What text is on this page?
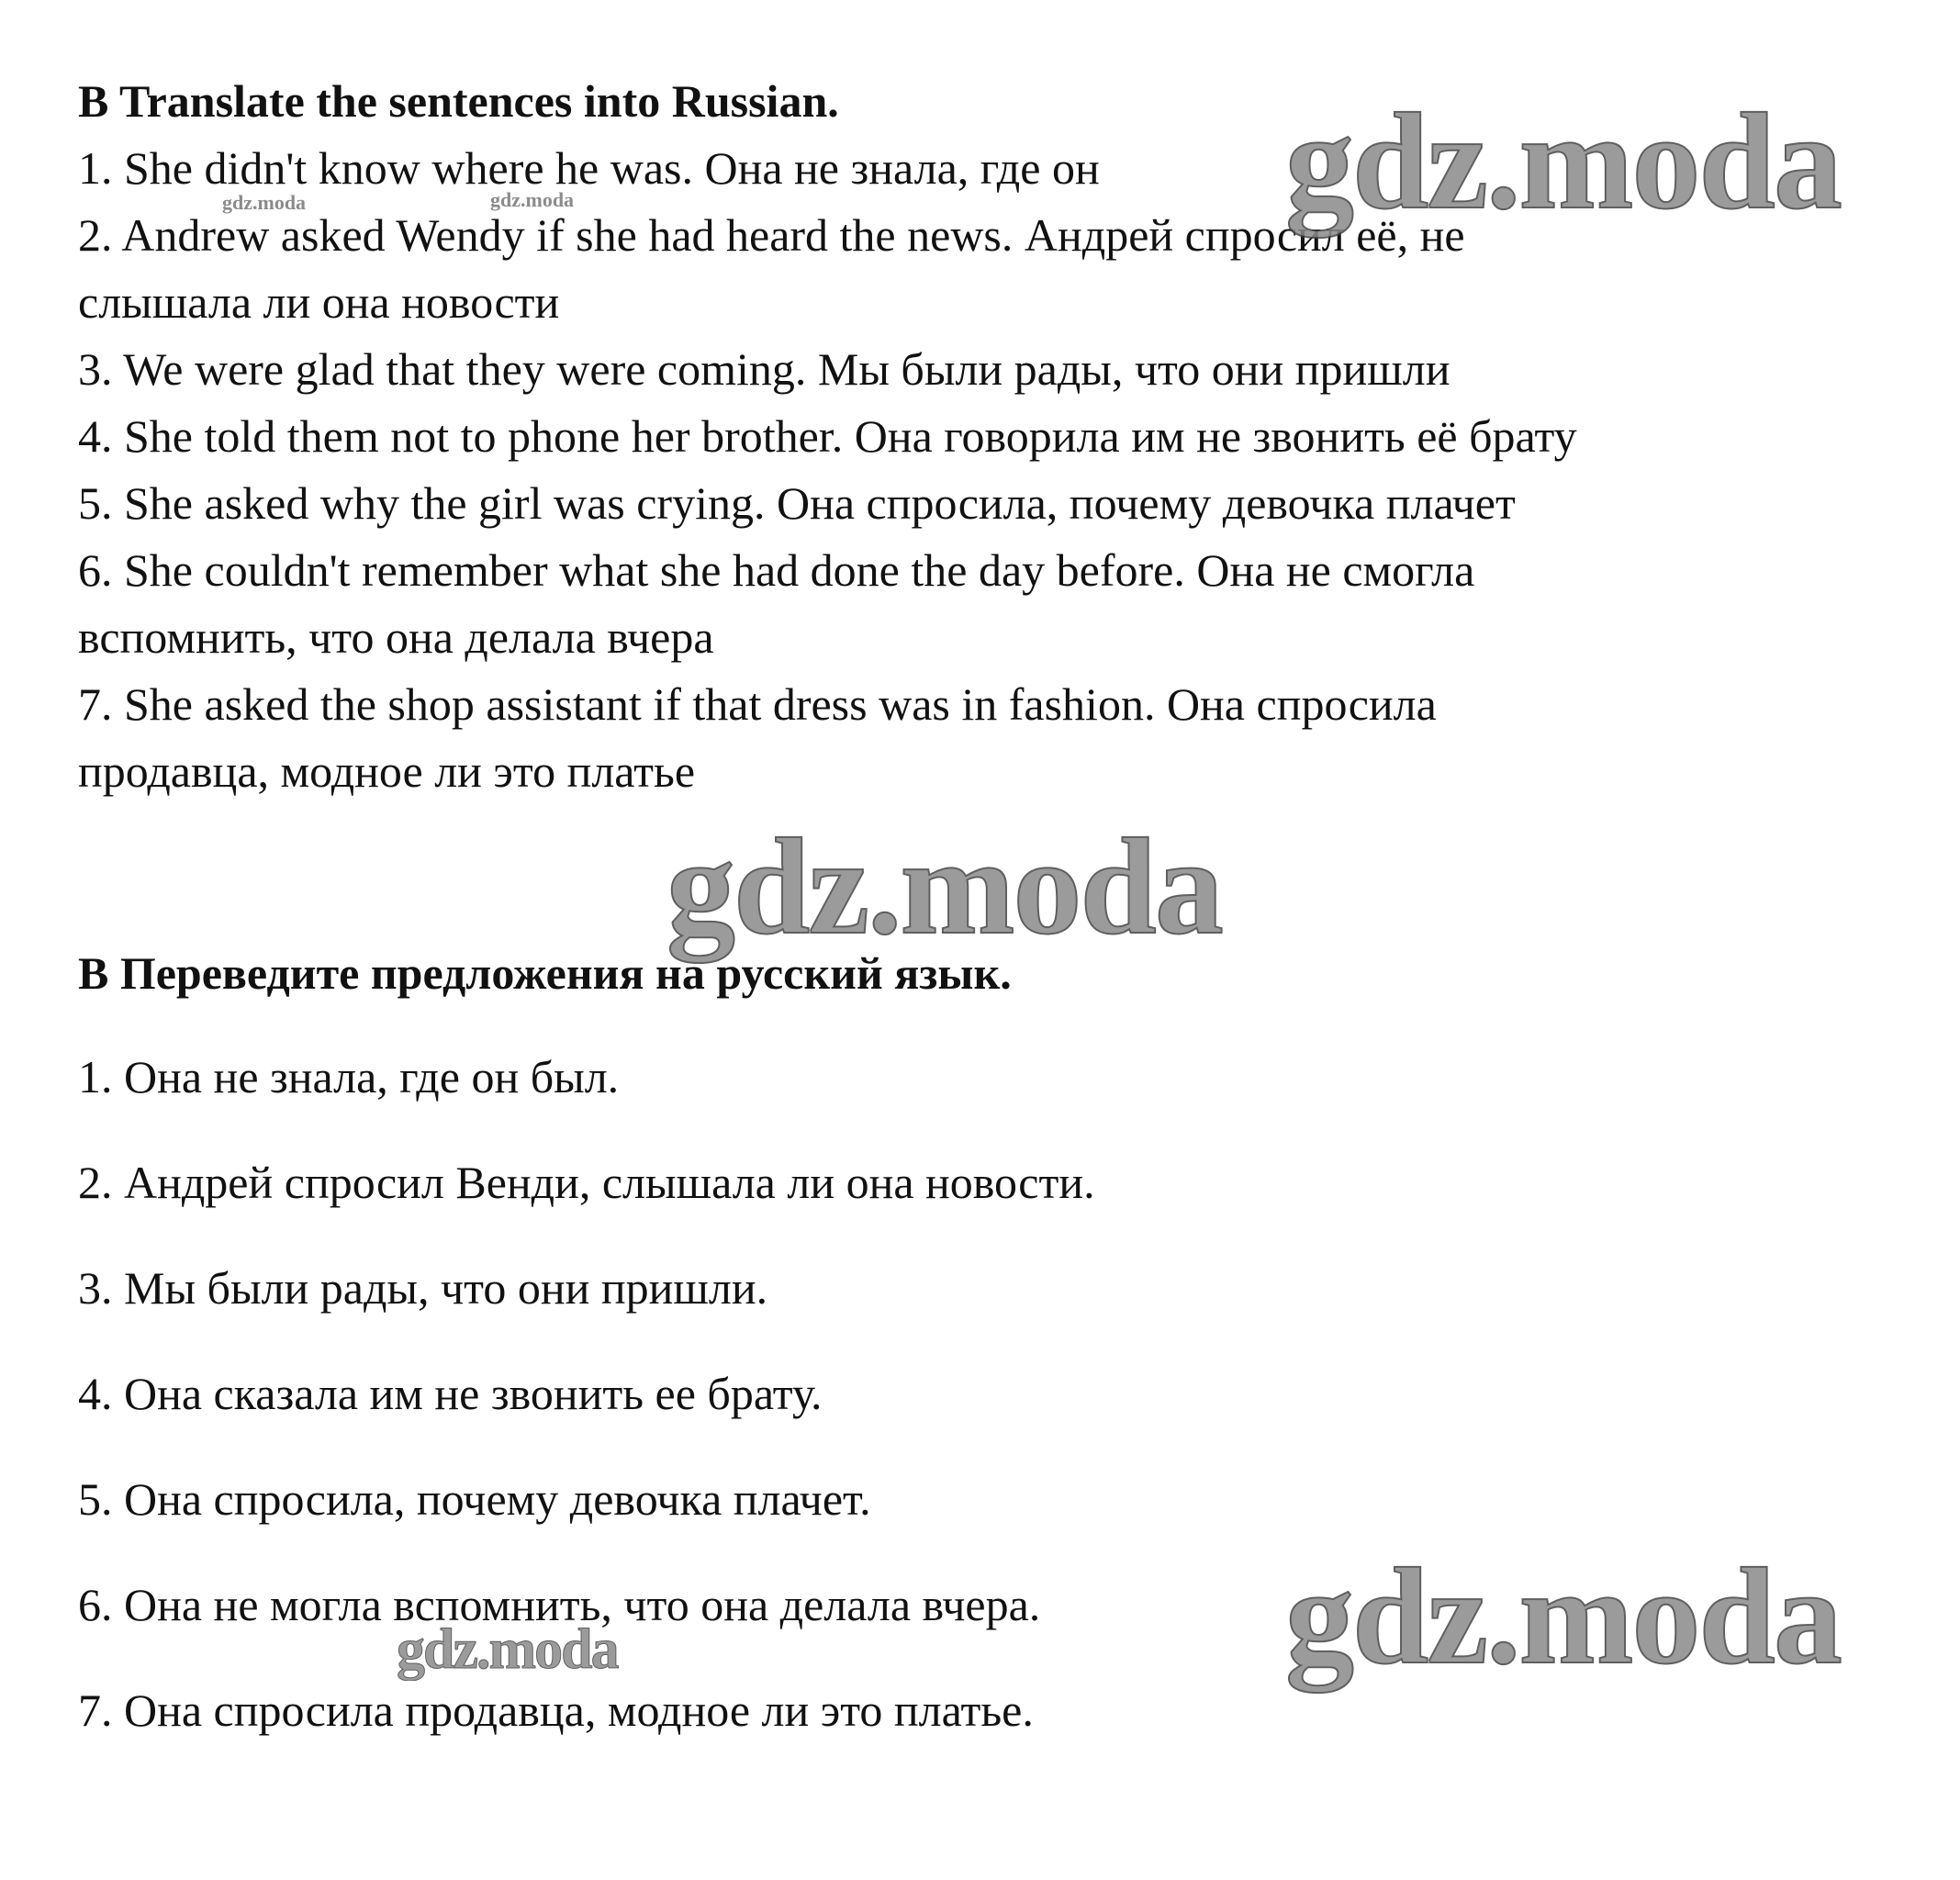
B Translate the sentences into Russian.
1. She didn't know where he was. Она не знала, где он
2. Andrew asked Wendy if she had heard the news. Андрей спросил её, не
слышала ли она новости
3. We were glad that they were coming. Мы были рады, что они пришли
4. She told them not to phone her brother. Она говорила им не звонить её брату
5. She asked why the girl was crying. Она спросила, почему девочка плачет
6. She couldn't remember what she had done the day before. Она не смогла
вспомнить, что она делала вчера
7. She asked the shop assistant if that dress was in fashion. Она спросила
продавца, модное ли это платье
В Переведите предложения на русский язык.
1. Она не знала, где он был.
2. Андрей спросил Венди, слышала ли она новости.
3. Мы были рады, что они пришли.
4. Она сказала им не звонить ее брату.
5. Она спросила, почему девочка плачет.
6. Она не могла вспомнить, что она делала вчера.
7. Она спросила продавца, модное ли это платье.
gdz.moda
gdz.moda
gdz.moda
gdz.moda
gdz.moda	gdz.moda
